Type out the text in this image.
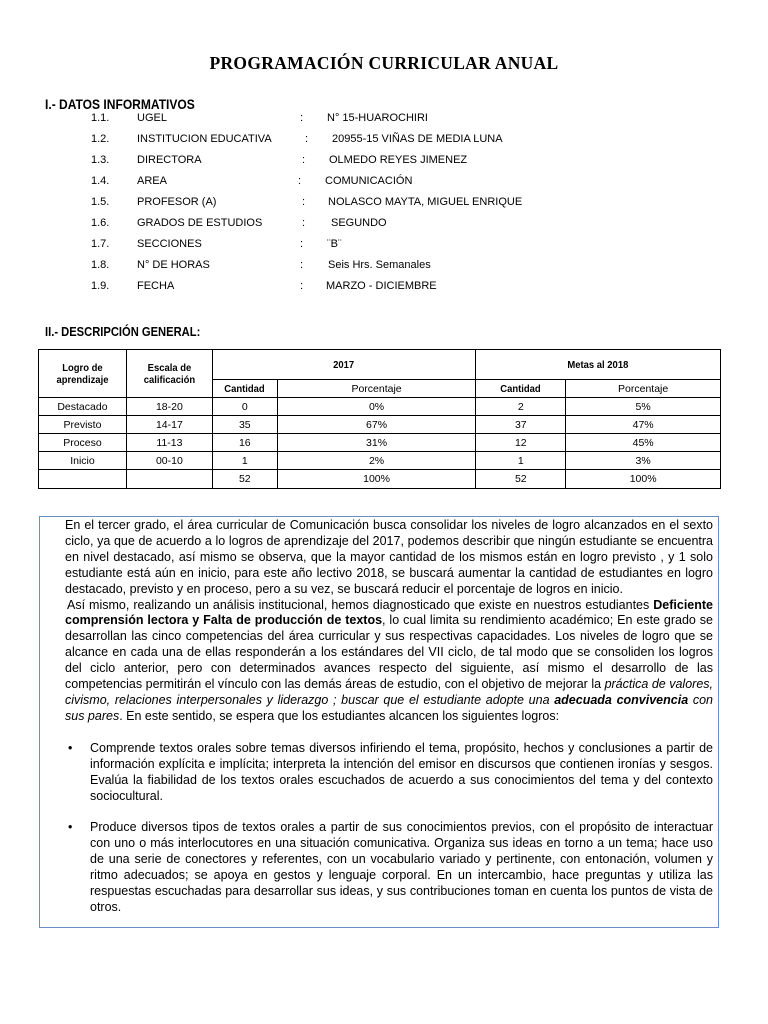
PROGRAMACIÓN CURRICULAR ANUAL
I.- DATOS INFORMATIVOS
1.1.	UGEL	: N° 15-HUAROCHIRI
1.2.	INSTITUCION EDUCATIVA	: 20955-15 VIÑAS DE MEDIA LUNA
1.3.	DIRECTORA	: OLMEDO REYES JIMENEZ
1.4.	AREA	: COMUNICACIÓN
1.5.	PROFESOR (A)	: NOLASCO MAYTA, MIGUEL ENRIQUE
1.6.	GRADOS DE ESTUDIOS	: SEGUNDO
1.7.	SECCIONES	: ¨B¨
1.8.	N° DE HORAS	: Seis Hrs. Semanales
1.9.	FECHA	: MARZO - DICIEMBRE
II.- DESCRIPCIÓN GENERAL:
Logro de aprendizaje	Escala de calificación	2017		Metas al 2018	
		Cantidad	Porcentaje	Cantidad	Porcentaje
Destacado	18-20	0	0%	2	5%
Previsto	14-17	35	67%	37	47%
Proceso	11-13	16	31%	12	45%
Inicio	00-10	1	2%	1	3%
		52	100%	52	100%

En el tercer grado, el área curricular de Comunicación busca consolidar los niveles de logro alcanzados en el sexto ciclo, ya que de acuerdo a lo logros de aprendizaje del 2017, podemos describir que ningún estudiante se encuentra en nivel destacado, así mismo se observa, que la mayor cantidad de los mismos están en logro previsto , y 1 solo estudiante está aún en inicio, para este año lectivo 2018, se buscará aumentar la cantidad de estudiantes en logro destacado, previsto y en proceso, pero a su vez, se buscará reducir el porcentaje de logros en inicio.

Así mismo, realizando un análisis institucional, hemos diagnosticado que existe en nuestros estudiantes Deficiente comprensión lectora y Falta de producción de textos, lo cual limita su rendimiento académico; En este grado se desarrollan las cinco competencias del área curricular y sus respectivas capacidades. Los niveles de logro que se alcance en cada una de ellas responderán a los estándares del VII ciclo, de tal modo que se consoliden los logros del ciclo anterior, pero con determinados avances respecto del siguiente, así mismo el desarrollo de las competencias permitirán el vínculo con las demás áreas de estudio, con el objetivo de mejorar la práctica de valores, civismo, relaciones interpersonales y liderazgo ; buscar que el estudiante adopte una adecuada convivencia con sus pares. En este sentido, se espera que los estudiantes alcancen los siguientes logros:

• Comprende textos orales sobre temas diversos infiriendo el tema, propósito, hechos y conclusiones a partir de información explícita e implícita; interpreta la intención del emisor en discursos que contienen ironías y sesgos. Evalúa la fiabilidad de los textos orales escuchados de acuerdo a sus conocimientos del tema y del contexto sociocultural.
• Produce diversos tipos de textos orales a partir de sus conocimientos previos, con el propósito de interactuar con uno o más interlocutores en una situación comunicativa. Organiza sus ideas en torno a un tema; hace uso de una serie de conectores y referentes, con un vocabulario variado y pertinente, con entonación, volumen y ritmo adecuados; se apoya en gestos y lenguaje corporal. En un intercambio, hace preguntas y utiliza las respuestas escuchadas para desarrollar sus ideas, y sus contribuciones toman en cuenta los puntos de vista de otros.
